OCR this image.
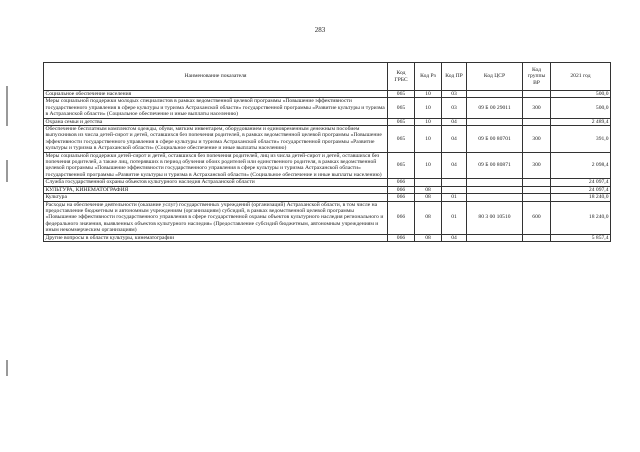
283
Наименование показателя	Код ГРБС	Код Рз	Код ПР	Код ЦСР	Код группы ВР	2021 год
Социальное обеспечение населения	065	10	03			500,0
Меры социальной поддержки молодых специалистов в рамках ведомственной целевой программы «Повышение эффективности государственного управления в сфере культуры и туризма Астраханской области» государственной программы «Развитие культуры и туризма в Астраханской области» (Социальное обеспечение и иные выплаты населению)	065	10	03	09 Б 00 29011	300	500,0
Охрана семьи и детства	065	10	04			2 489,4
Обеспечение бесплатным комплектом одежды, обуви, мягким инвентарем, оборудованием и единовременным денежным пособием выпускников из числа детей-сирот и детей, оставшихся без попечения родителей, в рамках ведомственной целевой программы «Повышение эффективности государственного управления в сфере культуры и туризма Астраханской области» государственной программы «Развитие культуры и туризма в Астраханской области» (Социальное обеспечение и иные выплаты населению)	065	10	04	09 Б 00 80701	300	391,0
Меры социальной поддержки детей-сирот и детей, оставшихся без попечения родителей, лиц из числа детей-сирот и детей, оставшихся без попечения родителей, а также лиц, потерявших в период обучения обоих родителей или единственного родителя, в рамках ведомственной целевой программы «Повышение эффективности государственного управления в сфере культуры и туризма Астраханской области» государственной программы «Развитие культуры и туризма в Астраханской области» (Социальное обеспечение и иные выплаты населению)	065	10	04	09 Б 00 80871	300	2 098,4
Служба государственной охраны объектов культурного наследия Астраханской области	066					24 097,4
КУЛЬТУРА, КИНЕМАТОГРАФИЯ	066	08				24 097,4
Культура	066	08	01			18 240,0
Расходы на обеспечение деятельности (оказание услуг) государственных учреждений (организаций) Астраханской области, в том числе на предоставление бюджетным и автономным учреждениям (организациям) субсидий, в рамках ведомственной целевой программы «Повышение эффективности государственного управления в сфере государственной охраны объектов культурного наследия регионального и федерального значения, выявленных объектов культурного наследия» (Предоставление субсидий бюджетным, автономным учреждениям и иным некоммерческим организациям)	066	08	01	80 3 00 10510	600	18 240,0
Другие вопросы в области культуры, кинематографии	066	08	04			5 857,4
